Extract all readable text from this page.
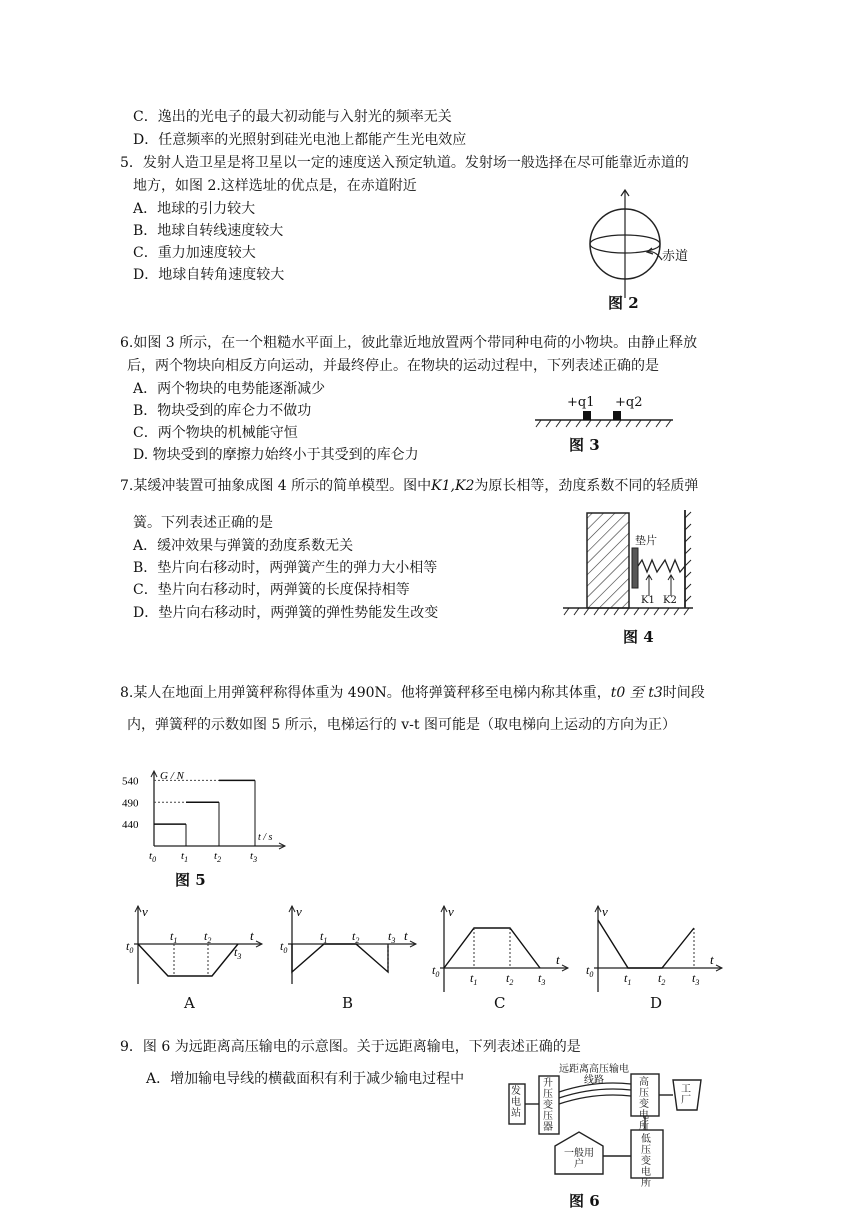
C．逸出的光电子的最大初动能与入射光的频率无关
D．任意频率的光照射到硅光电池上都能产生光电效应
5．发射人造卫星是将卫星以一定的速度送入预定轨道。发射场一般选择在尽可能靠近赤道的
地方，如图 2.这样选址的优点是，在赤道附近
A．地球的引力较大
B．地球自转线速度较大
C．重力加速度较大
D．地球自转角速度较大
赤道
图 2
6.如图 3 所示，在一个粗糙水平面上，彼此靠近地放置两个带同种电荷的小物块。由静止释放
后，两个物块向相反方向运动，并最终停止。在物块的运动过程中，下列表述正确的是
A．两个物块的电势能逐渐减少
B．物块受到的库仑力不做功
C．两个物块的机械能守恒
D. 物块受到的摩擦力始终小于其受到的库仑力
+q1 +q2
图 3
7.某缓冲装置可抽象成图 4 所示的简单模型。图中K1,K2为原长相等，劲度系数不同的轻质弹
簧。下列表述正确的是
A．缓冲效果与弹簧的劲度系数无关
B．垫片向右移动时，两弹簧产生的弹力大小相等
C．垫片向右移动时，两弹簧的长度保持相等
D．垫片向右移动时，两弹簧的弹性势能发生改变
垫片
K1 K2
图 4
8.某人在地面上用弹簧秤称得体重为 490N。他将弹簧秤移至电梯内称其体重，t0 至 t3时间段
内，弹簧秤的示数如图 5 所示，电梯运行的 v-t 图可能是（取电梯向上运动的方向为正）
G / N
t / s
440
490
540
$t_0$ $t_1$ $t_2$	$t_3$
图 5
v
t
$t_0$
$t_1$ $t_2$
$t_3$
A
v
t
$t_0$
$t_1$ $t_2$ $t_3$
B
v
t
$t_0$	$t_1$ $t_2$ $t_3$
C
v
t
$t_0$	$t_1$ $t_2$ $t_3$
D
9．图 6 为远距离高压输电的示意图。关于远距离输电，下列表述正确的是
A．增加输电导线的横截面积有利于减少输电过程中
发电站
升压变压器
远距离高压输电线路	高压变电所
工厂
一般用户
低压变电所
图 6
